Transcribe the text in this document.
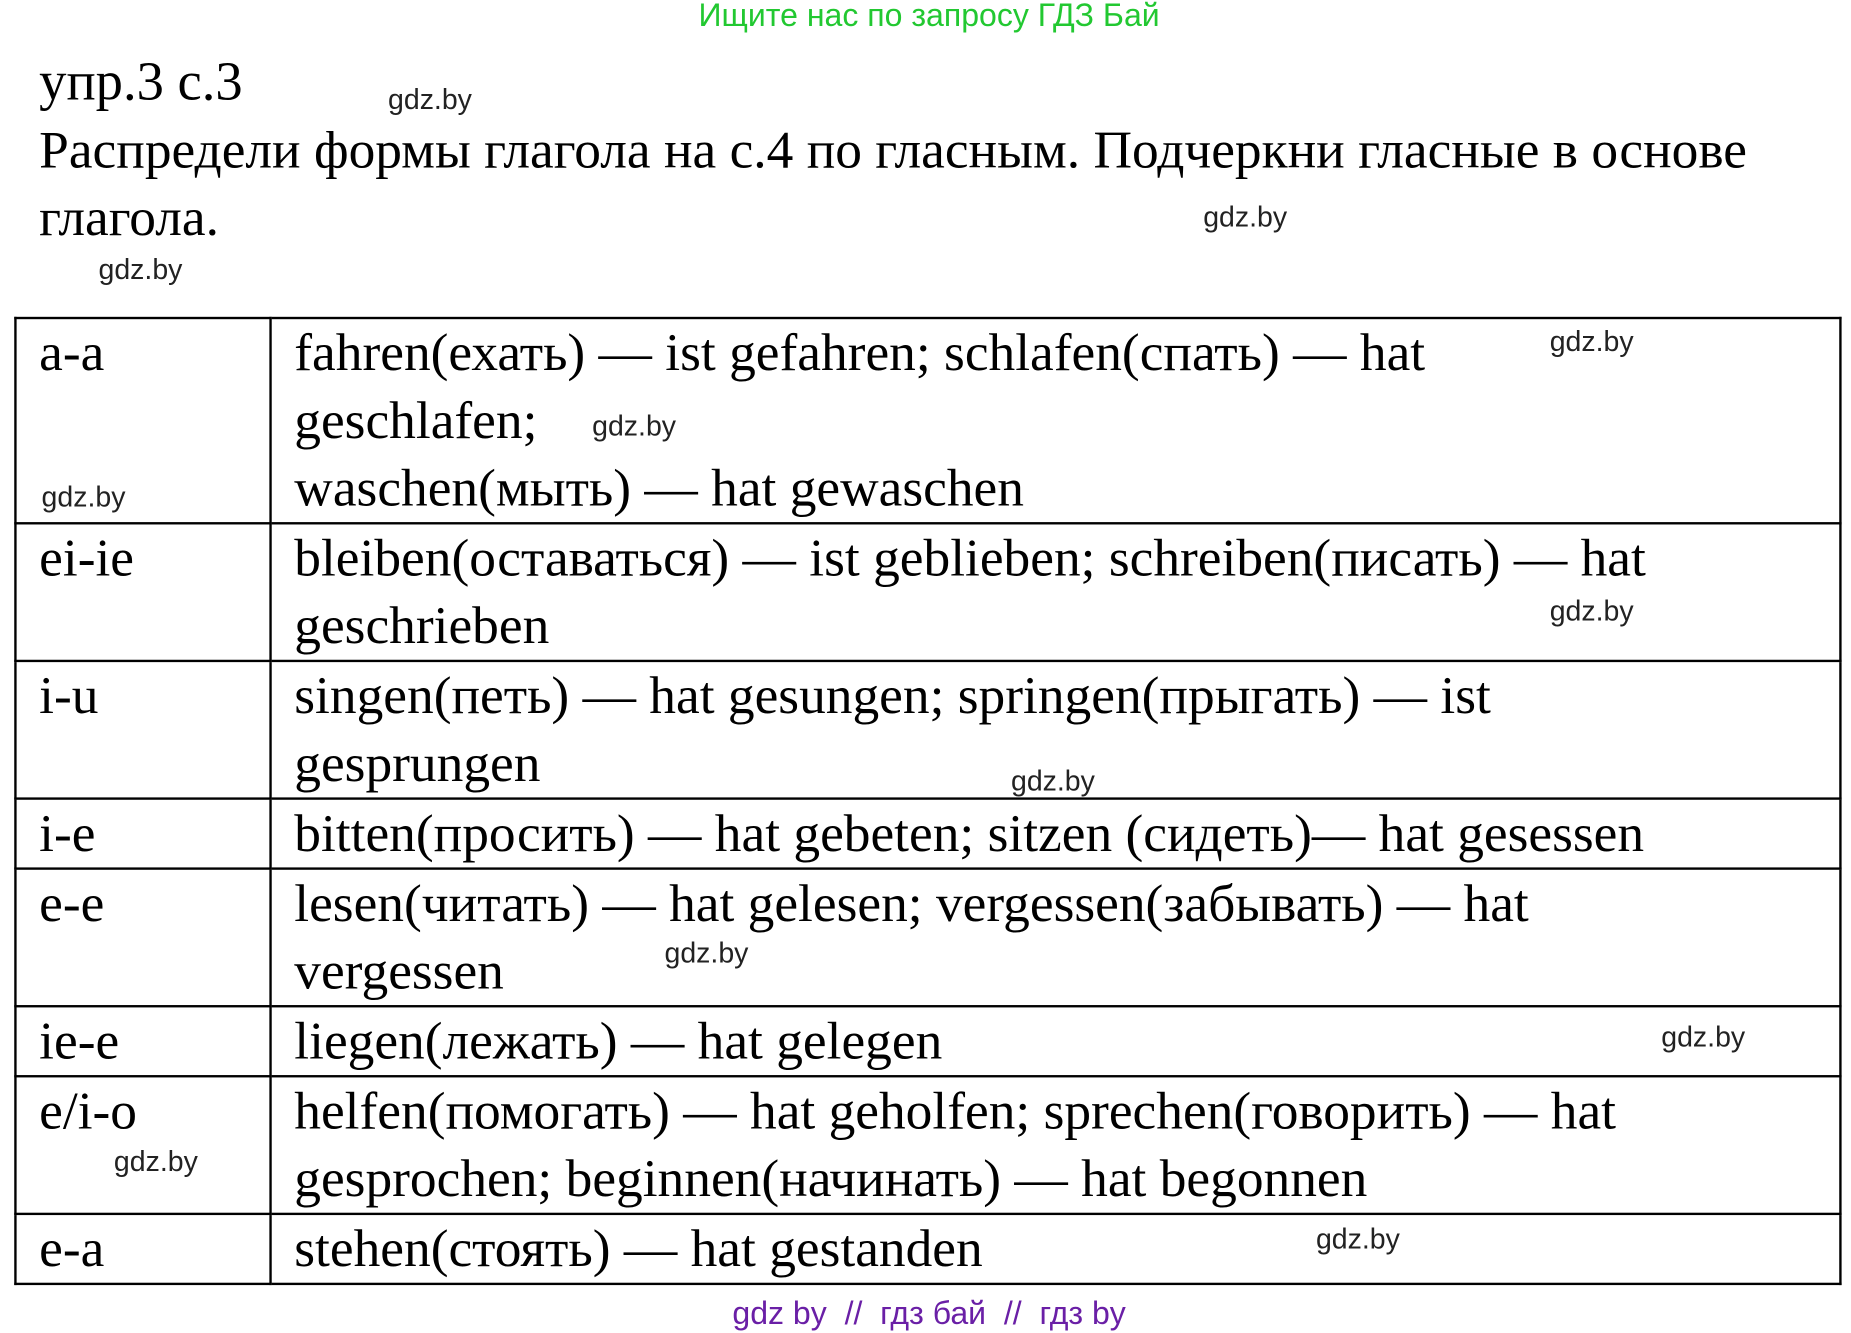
Ищите нас по запросу ГДЗ Бай
упр.3 с.3
Распредели формы глагола на с.4 по гласным. Подчеркни гласные в основе глагола.
a-a	fahren(ехать) — ist gefahren; schlafen(спать) — hat geschlafen;
waschen(мыть) — hat gewaschen
ei-ie	bleiben(оставаться) — ist geblieben; schreiben(писать) — hat geschrieben
i-u	singen(петь) — hat gesungen; springen(прыгать) — ist gesprungen
i-e	bitten(просить) — hat gebeten; sitzen (сидеть)— hat gesessen
e-e	lesen(читать) — hat gelesen; vergessen(забывать) — hat vergessen
ie-e	liegen(лежать) — hat gelegen
e/i-o	helfen(помогать) — hat geholfen; sprechen(говорить) — hat gesprochen; beginnen(начинать) — hat begonnen
e-a	stehen(стоять) — hat gestanden
gdz.by
gdz.by
gdz.by
gdz.by
gdz.by
gdz.by
gdz.by
gdz.by
gdz.by
gdz.by
gdz.by
gdz.by
gdz by  //  гдз бай  //  гдз by
